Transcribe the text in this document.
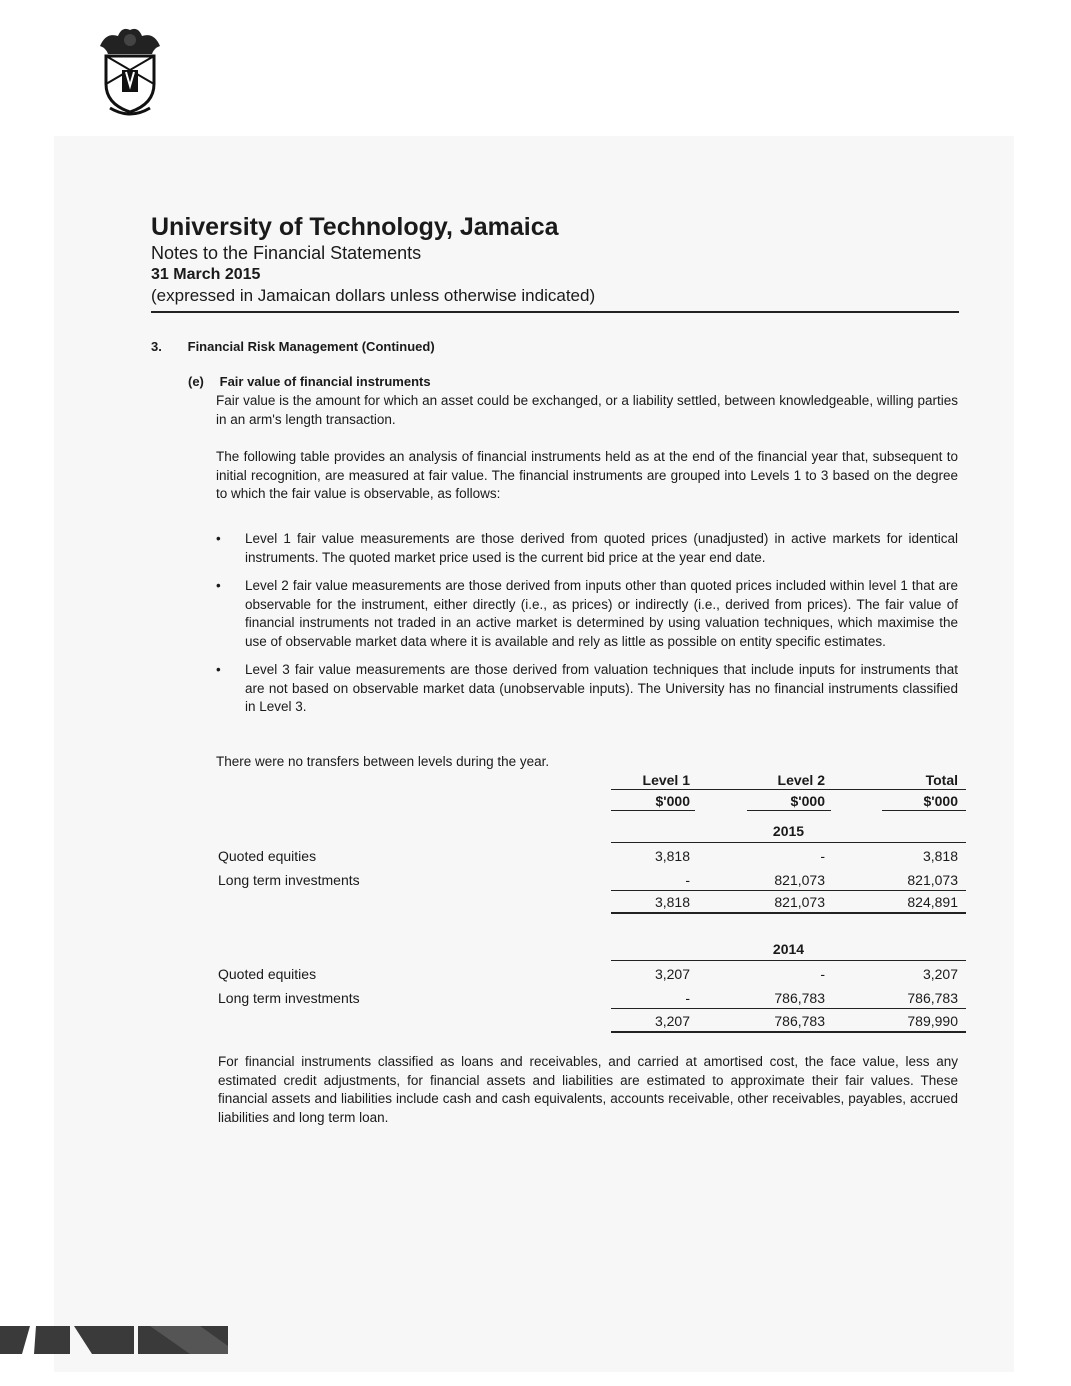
University of Technology, Jamaica
Notes to the Financial Statements
31 March 2015
(expressed in Jamaican dollars unless otherwise indicated)
3. Financial Risk Management (Continued)
(e) Fair value of financial instruments
Fair value is the amount for which an asset could be exchanged, or a liability settled, between knowledgeable, willing parties in an arm's length transaction.
The following table provides an analysis of financial instruments held as at the end of the financial year that, subsequent to initial recognition, are measured at fair value. The financial instruments are grouped into Levels 1 to 3 based on the degree to which the fair value is observable, as follows:
• Level 1 fair value measurements are those derived from quoted prices (unadjusted) in active markets for identical instruments. The quoted market price used is the current bid price at the year end date.
• Level 2 fair value measurements are those derived from inputs other than quoted prices included within level 1 that are observable for the instrument, either directly (i.e., as prices) or indirectly (i.e., derived from prices). The fair value of financial instruments not traded in an active market is determined by using valuation techniques, which maximise the use of observable market data where it is available and rely as little as possible on entity specific estimates.
• Level 3 fair value measurements are those derived from valuation techniques that include inputs for instruments that are not based on observable market data (unobservable inputs). The University has no financial instruments classified in Level 3.
There were no transfers between levels during the year.
Level 1	Level 2	Total
$'000	$'000	$'000
2015
Quoted equities	3,818	-	3,818
Long term investments	-	821,073	821,073
3,818	821,073	824,891
2014
Quoted equities	3,207	-	3,207
Long term investments	-	786,783	786,783
3,207	786,783	789,990
For financial instruments classified as loans and receivables, and carried at amortised cost, the face value, less any estimated credit adjustments, for financial assets and liabilities are estimated to approximate their fair values. These financial assets and liabilities include cash and cash equivalents, accounts receivable, other receivables, payables, accrued liabilities and long term loan.
